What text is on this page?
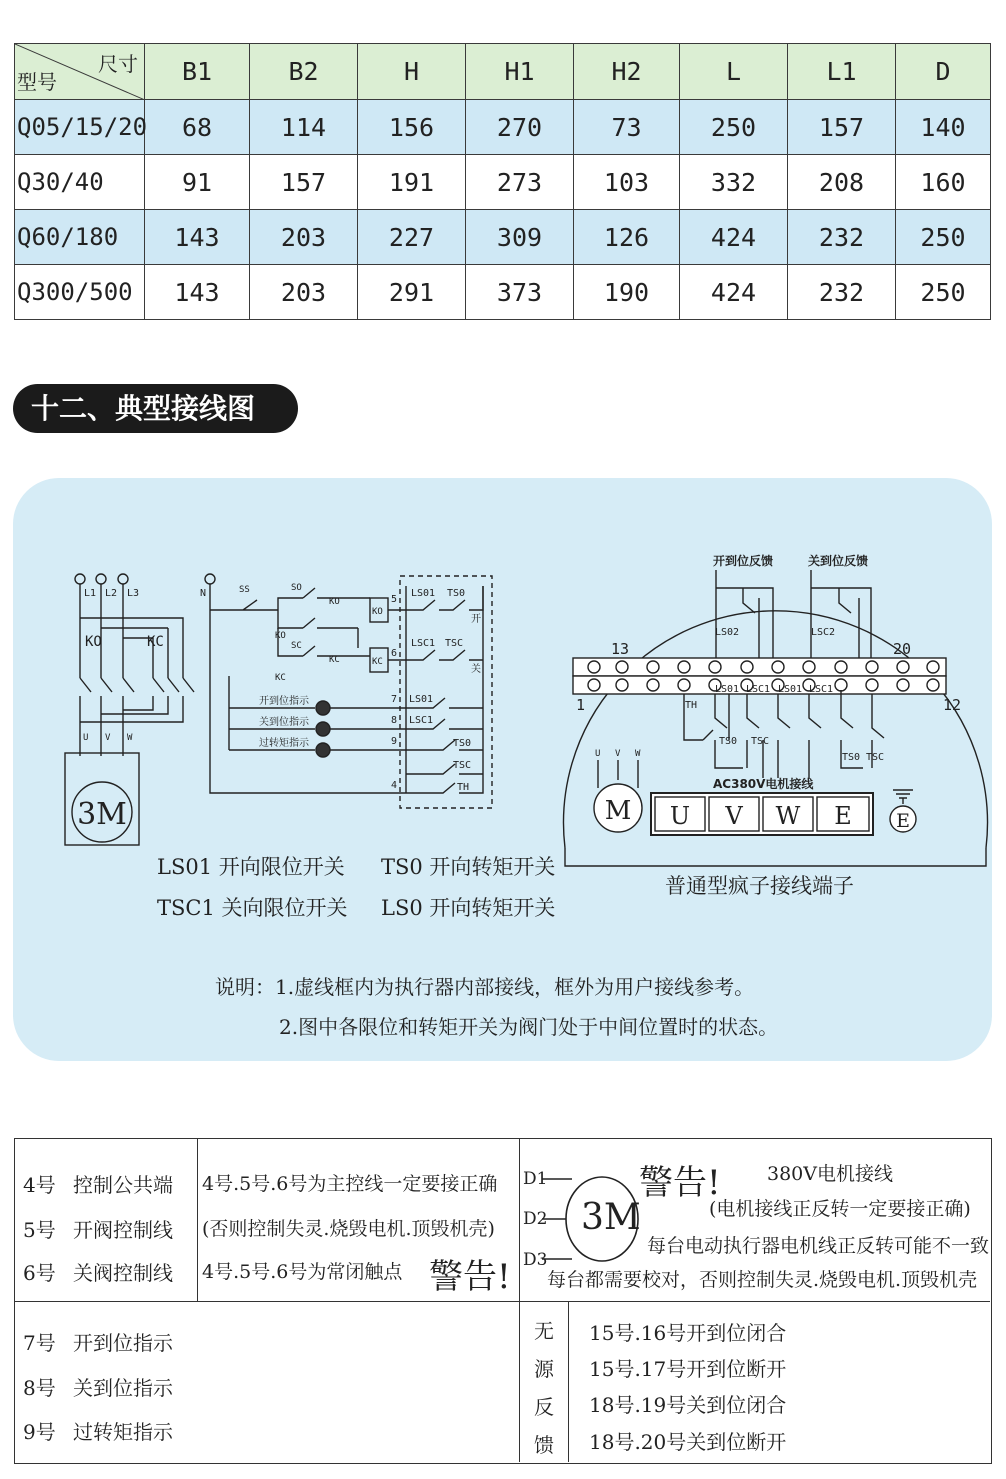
尺寸
型号	B1	B2	H	H1	H2	L	L1	D
Q05/15/20	68	114	156	270	73	250	157	140
Q30/40	91	157	191	273	103	332	208	160
Q60/180	143	203	227	309	126	424	232	250
Q300/500	143	203	291	373	190	424	232	250
十二、典型接线图
L1 L2 L3	N
KO	KC
U V W
3M
SS	SO
SC
KO
KC
KO
KC
KO
KC
开到位指示
关到位指示
过转矩指示
5
6
7
8
9
4
LS01 TS0
LSC1 TSC
LS01
LSC1
TS0
TSC
TH
开
关
开到位反馈	关到位反馈
LS02	LSC2
13	20
1	12
TH
LS01 LSC1 LS01 LSC1
TS0 TSC
TS0 TSC
AC380V电机接线
U V W
M U V W E E
LS01 开向限位开关 TS0 开向转矩开关
TSC1 关向限位开关 LS0 开向转矩开关
普通型疯子接线端子
说明：1.虚线框内为执行器内部接线，框外为用户接线参考。
2.图中各限位和转矩开关为阀门处于中间位置时的状态。
4号 控制公共端
5号 开阀控制线
6号 关阀控制线
4号.5号.6号为主控线一定要接正确
(否则控制失灵.烧毁电机.顶毁机壳)
4号.5号.6号为常闭触点 警告!
D1
D2
D3
3M
警告! 380V电机接线
(电机接线正反转一定要接正确)
每台电动执行器电机线正反转可能不一致
每台都需要校对，否则控制失灵.烧毁电机.顶毁机壳
7号 开到位指示
8号 关到位指示
9号 过转矩指示
无
源
反
馈
15号.16号开到位闭合
15号.17号开到位断开
18号.19号关到位闭合
18号.20号关到位断开
